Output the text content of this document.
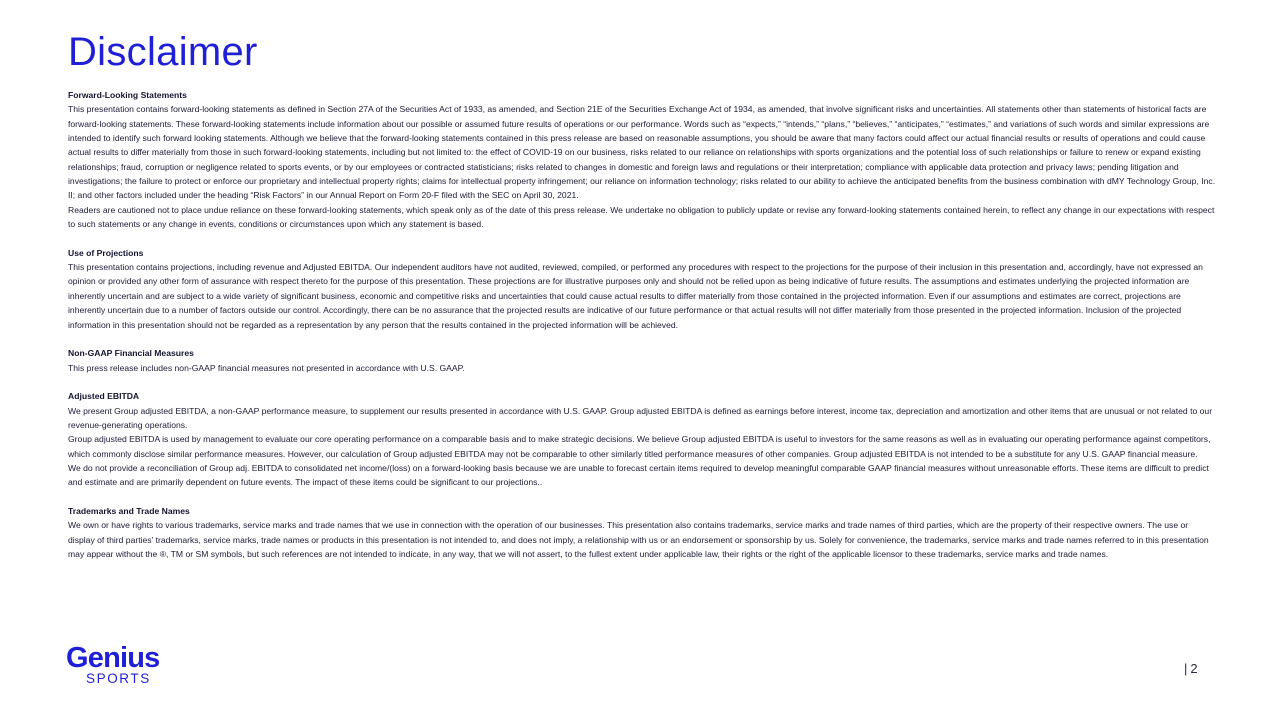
Disclaimer

Forward-Looking Statements

This presentation contains forward-looking statements as defined in Section 27A of the Securities Act of 1933, as amended, and Section 21E of the Securities Exchange Act of 1934, as amended, that involve significant risks and uncertainties. All statements other than statements of historical facts are forward-looking statements. These forward-looking statements include information about our possible or assumed future results of operations or our performance. Words such as “expects,” “intends,” “plans,” “believes,” “anticipates,” “estimates,” and variations of such words and similar expressions are intended to identify such forward looking statements. Although we believe that the forward-looking statements contained in this press release are based on reasonable assumptions, you should be aware that many factors could affect our actual financial results or results of operations and could cause actual results to differ materially from those in such forward-looking statements, including but not limited to: the effect of COVID-19 on our business, risks related to our reliance on relationships with sports organizations and the potential loss of such relationships or failure to renew or expand existing relationships; fraud, corruption or negligence related to sports events, or by our employees or contracted statisticians; risks related to changes in domestic and foreign laws and regulations or their interpretation; compliance with applicable data protection and privacy laws; pending litigation and investigations; the failure to protect or enforce our proprietary and intellectual property rights; claims for intellectual property infringement; our reliance on information technology; risks related to our ability to achieve the anticipated benefits from the business combination with dMY Technology Group, Inc. II; and other factors included under the heading “Risk Factors” in our Annual Report on Form 20-F filed with the SEC on April 30, 2021.

Readers are cautioned not to place undue reliance on these forward-looking statements, which speak only as of the date of this press release. We undertake no obligation to publicly update or revise any forward-looking statements contained herein, to reflect any change in our expectations with respect to such statements or any change in events, conditions or circumstances upon which any statement is based.

Use of Projections

This presentation contains projections, including revenue and Adjusted EBITDA. Our independent auditors have not audited, reviewed, compiled, or performed any procedures with respect to the projections for the purpose of their inclusion in this presentation and, accordingly, have not expressed an opinion or provided any other form of assurance with respect thereto for the purpose of this presentation. These projections are for illustrative purposes only and should not be relied upon as being indicative of future results. The assumptions and estimates underlying the projected information are inherently uncertain and are subject to a wide variety of significant business, economic and competitive risks and uncertainties that could cause actual results to differ materially from those contained in the projected information. Even if our assumptions and estimates are correct, projections are inherently uncertain due to a number of factors outside our control. Accordingly, there can be no assurance that the projected results are indicative of our future performance or that actual results will not differ materially from those presented in the projected information. Inclusion of the projected information in this presentation should not be regarded as a representation by any person that the results contained in the projected information will be achieved.

Non-GAAP Financial Measures

This press release includes non-GAAP financial measures not presented in accordance with U.S. GAAP.

Adjusted EBITDA

We present Group adjusted EBITDA, a non-GAAP performance measure, to supplement our results presented in accordance with U.S. GAAP. Group adjusted EBITDA is defined as earnings before interest, income tax, depreciation and amortization and other items that are unusual or not related to our revenue-generating operations.

Group adjusted EBITDA is used by management to evaluate our core operating performance on a comparable basis and to make strategic decisions. We believe Group adjusted EBITDA is useful to investors for the same reasons as well as in evaluating our operating performance against competitors, which commonly disclose similar performance measures. However, our calculation of Group adjusted EBITDA may not be comparable to other similarly titled performance measures of other companies. Group adjusted EBITDA is not intended to be a substitute for any U.S. GAAP financial measure.

We do not provide a reconciliation of Group adj. EBITDA to consolidated net income/(loss) on a forward-looking basis because we are unable to forecast certain items required to develop meaningful comparable GAAP financial measures without unreasonable efforts. These items are difficult to predict and estimate and are primarily dependent on future events. The impact of these items could be significant to our projections..

Trademarks and Trade Names

We own or have rights to various trademarks, service marks and trade names that we use in connection with the operation of our businesses. This presentation also contains trademarks, service marks and trade names of third parties, which are the property of their respective owners. The use or display of third parties’ trademarks, service marks, trade names or products in this presentation is not intended to, and does not imply, a relationship with us or an endorsement or sponsorship by us. Solely for convenience, the trademarks, service marks and trade names referred to in this presentation may appear without the ®, TM or SM symbols, but such references are not intended to indicate, in any way, that we will not assert, to the fullest extent under applicable law, their rights or the right of the applicable licensor to these trademarks, service marks and trade names.

Genius
SPORTS
| 2
